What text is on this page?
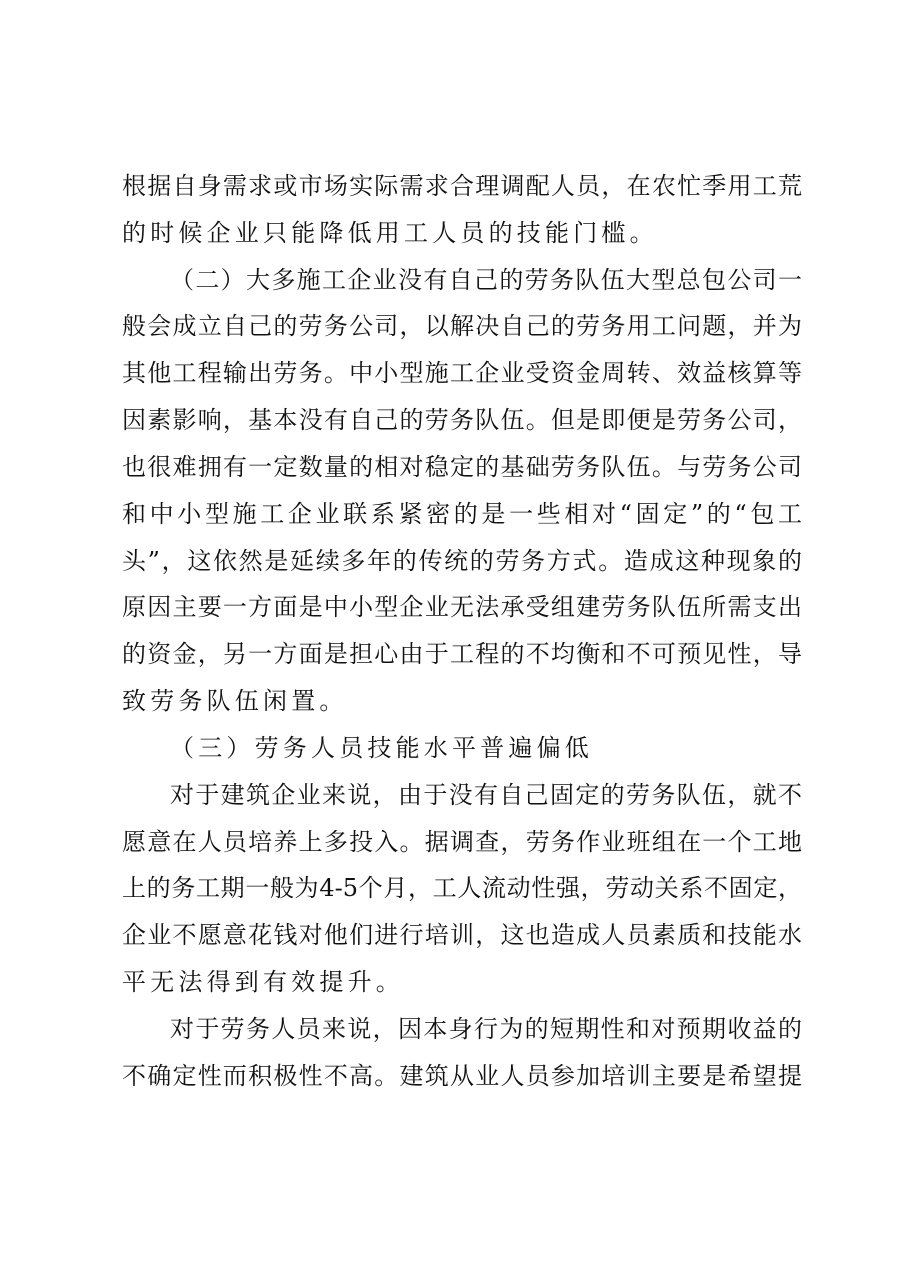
根据自身需求或市场实际需求合理调配人员，在农忙季用工荒
的时候企业只能降低用工人员的技能门槛。
（二）大多施工企业没有自己的劳务队伍大型总包公司一
般会成立自己的劳务公司，以解决自己的劳务用工问题，并为
其他工程输出劳务。中小型施工企业受资金周转、效益核算等
因素影响，基本没有自己的劳务队伍。但是即便是劳务公司，
也很难拥有一定数量的相对稳定的基础劳务队伍。与劳务公司
和中小型施工企业联系紧密的是一些相对“固定”的“包工
头”，这依然是延续多年的传统的劳务方式。造成这种现象的
原因主要一方面是中小型企业无法承受组建劳务队伍所需支出
的资金，另一方面是担心由于工程的不均衡和不可预见性，导
致劳务队伍闲置。
（三）劳务人员技能水平普遍偏低
对于建筑企业来说，由于没有自己固定的劳务队伍，就不
愿意在人员培养上多投入。据调查，劳务作业班组在一个工地
上的务工期一般为4-5个月，工人流动性强，劳动关系不固定，
企业不愿意花钱对他们进行培训，这也造成人员素质和技能水
平无法得到有效提升。
对于劳务人员来说，因本身行为的短期性和对预期收益的
不确定性而积极性不高。建筑从业人员参加培训主要是希望提
